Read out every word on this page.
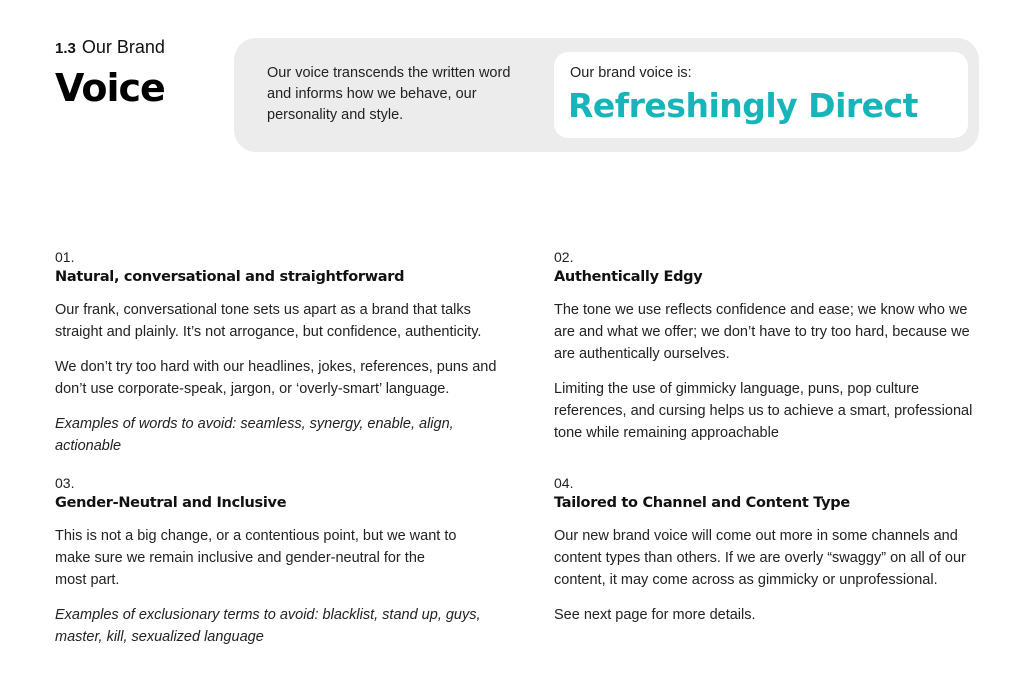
1.3 Our Brand
Voice	Our voice transcends the written word and informs how we behave, our personality and style.
Our brand voice is:
Refreshingly Direct
01.
Natural, conversational and straightforward

Our frank, conversational tone sets us apart as a brand that talks straight and plainly. It’s not arrogance, but confidence, authenticity.

We don’t try too hard with our headlines, jokes, references, puns and don’t use corporate-speak, jargon, or ‘overly-smart’ language.

Examples of words to avoid: seamless, synergy, enable, align, actionable

02.
Authentically Edgy

The tone we use reflects confidence and ease; we know who we are and what we offer; we don’t have to try too hard, because we are authentically ourselves.

Limiting the use of gimmicky language, puns, pop culture references, and cursing helps us to achieve a smart, professional tone while remaining approachable

03.
Gender-Neutral and Inclusive

This is not a big change, or a contentious point, but we want to make sure we remain inclusive and gender-neutral for the most part.

Examples of exclusionary terms to avoid: blacklist, stand up, guys, master, kill, sexualized language

04.
Tailored to Channel and Content Type

Our new brand voice will come out more in some channels and content types than others. If we are overly “swaggy” on all of our content, it may come across as gimmicky or unprofessional.

See next page for more details.
